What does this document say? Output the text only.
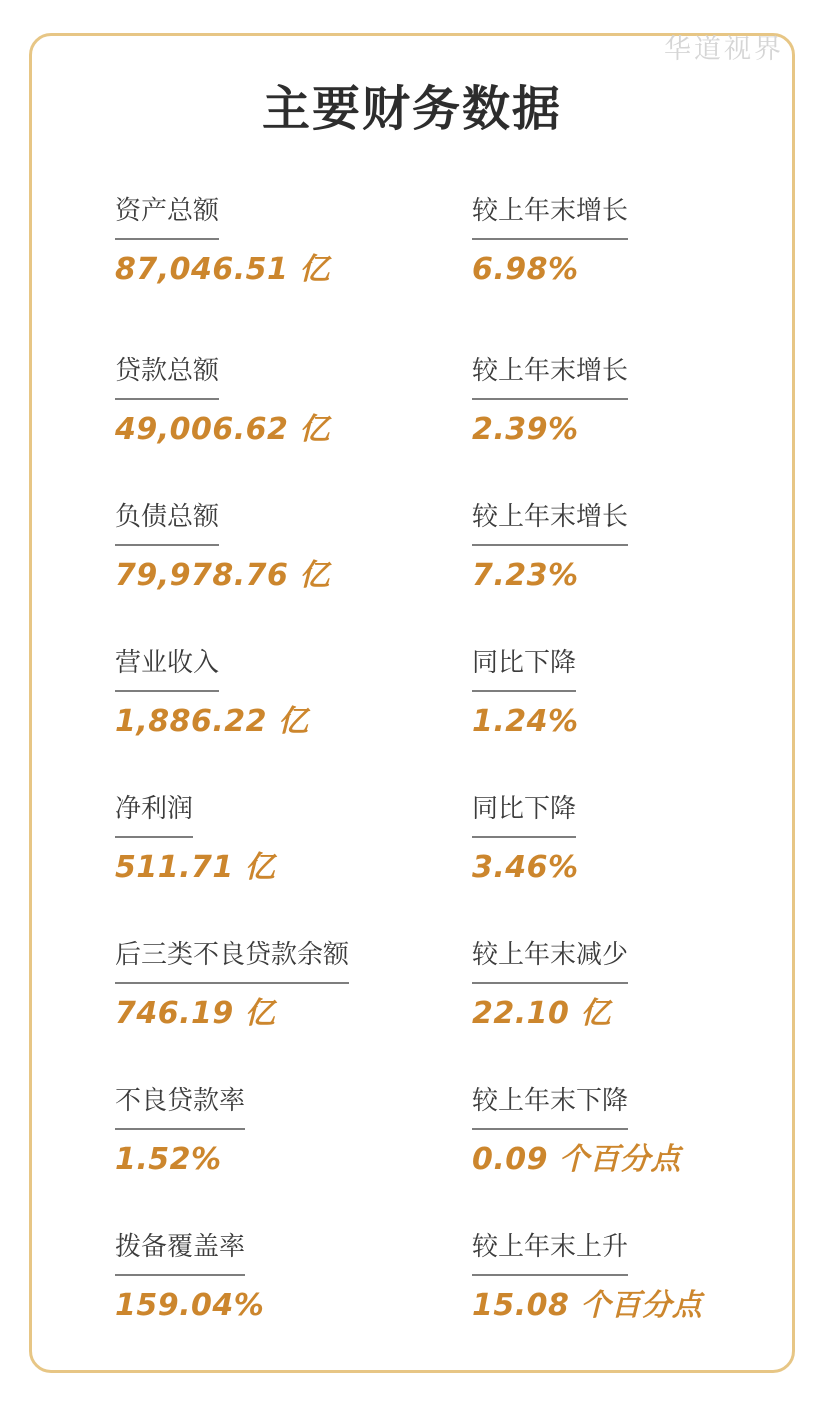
华道视界
主要财务数据
资产总额
87,046.51 亿
较上年末增长
6.98%
贷款总额
49,006.62 亿
较上年末增长
2.39%
负债总额
79,978.76 亿
较上年末增长
7.23%
营业收入
1,886.22 亿
同比下降
1.24%
净利润
511.71 亿
同比下降
3.46%
后三类不良贷款余额
746.19 亿
较上年末减少
22.10 亿
不良贷款率
1.52%
较上年末下降
0.09 个百分点
拨备覆盖率
159.04%
较上年末上升
15.08 个百分点
